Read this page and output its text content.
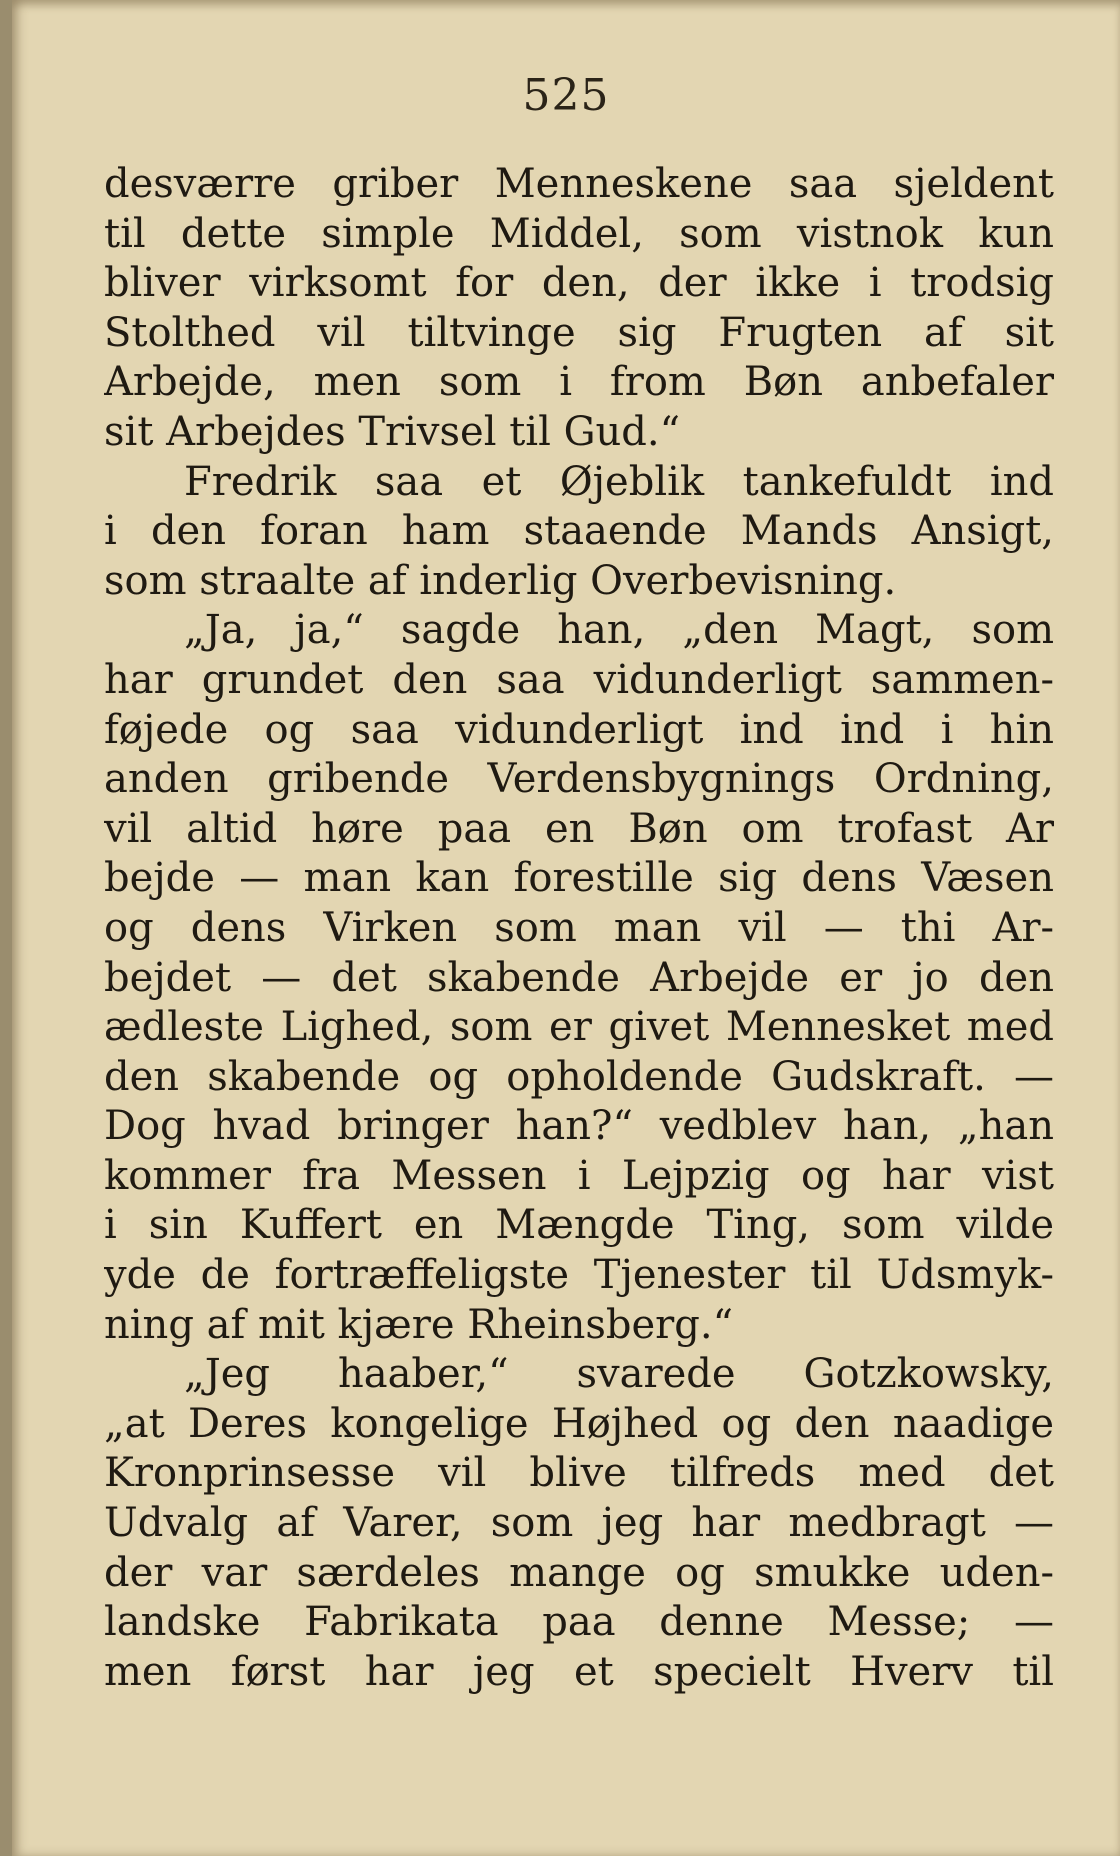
525
desværre griber Menneskene saa sjeldent
til dette simple Middel, som vistnok kun
bliver virksomt for den, der ikke i trodsig
Stolthed vil tiltvinge sig Frugten af sit
Arbejde, men som i from Bøn anbefaler
sit Arbejdes Trivsel til Gud.“
Fredrik saa et Øjeblik tankefuldt ind
i den foran ham staaende Mands Ansigt,
som straalte af inderlig Overbevisning.
„Ja, ja,“ sagde han, „den Magt, som
har grundet den saa vidunderligt sammen-
føjede og saa vidunderligt ind ind i hin
anden gribende Verdensbygnings Ordning,
vil altid høre paa en Bøn om trofast Ar
bejde — man kan forestille sig dens Væsen
og dens Virken som man vil — thi Ar-
bejdet — det skabende Arbejde er jo den
ædleste Lighed, som er givet Mennesket med
den skabende og opholdende Gudskraft. —
Dog hvad bringer han?“ vedblev han, „han
kommer fra Messen i Lejpzig og har vist
i sin Kuffert en Mængde Ting, som vilde
yde de fortræffeligste Tjenester til Udsmyk-
ning af mit kjære Rheinsberg.“
„Jeg haaber,“ svarede Gotzkowsky,
„at Deres kongelige Højhed og den naadige
Kronprinsesse vil blive tilfreds med det
Udvalg af Varer, som jeg har medbragt —
der var særdeles mange og smukke uden-
landske Fabrikata paa denne Messe; —
men først har jeg et specielt Hverv til
